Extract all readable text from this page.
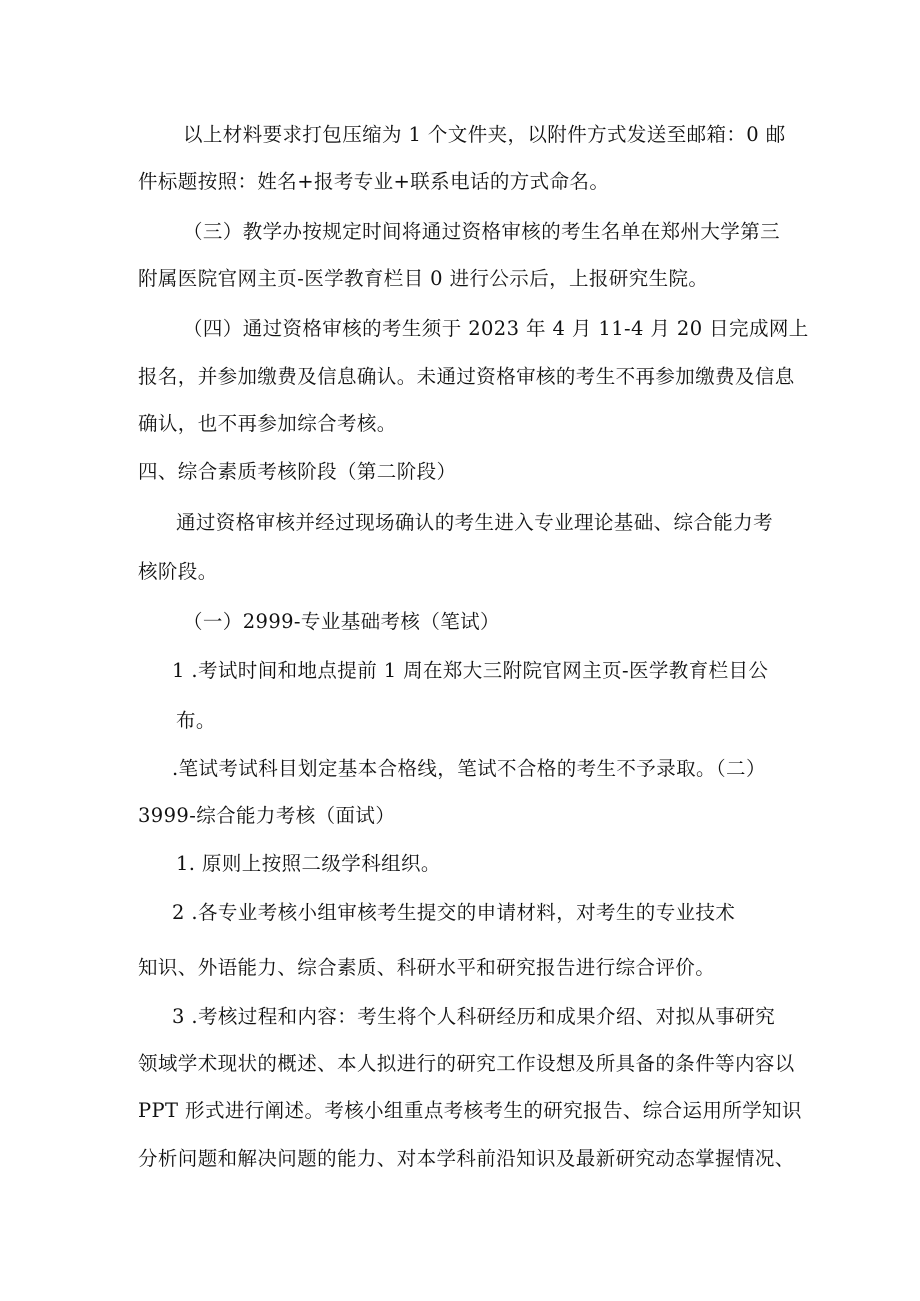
以上材料要求打包压缩为 1 个文件夹，以附件方式发送至邮箱：0 邮
件标题按照：姓名+报考专业+联系电话的方式命名。
（三）教学办按规定时间将通过资格审核的考生名单在郑州大学第三
附属医院官网主页-医学教育栏目 0 进行公示后，上报研究生院。
（四）通过资格审核的考生须于 2023 年 4 月 11-4 月 20 日完成网上
报名，并参加缴费及信息确认。未通过资格审核的考生不再参加缴费及信息
确认，也不再参加综合考核。
四、综合素质考核阶段（第二阶段）
通过资格审核并经过现场确认的考生进入专业理论基础、综合能力考
核阶段。
（一）2999-专业基础考核（笔试）
1 .考试时间和地点提前 1 周在郑大三附院官网主页-医学教育栏目公
布。
.笔试考试科目划定基本合格线，笔试不合格的考生不予录取。（二）
3999-综合能力考核（面试）
1. 原则上按照二级学科组织。
2 .各专业考核小组审核考生提交的申请材料，对考生的专业技术
知识、外语能力、综合素质、科研水平和研究报告进行综合评价。
3 .考核过程和内容：考生将个人科研经历和成果介绍、对拟从事研究
领域学术现状的概述、本人拟进行的研究工作设想及所具备的条件等内容以
PPT 形式进行阐述。考核小组重点考核考生的研究报告、综合运用所学知识
分析问题和解决问题的能力、对本学科前沿知识及最新研究动态掌握情况、
